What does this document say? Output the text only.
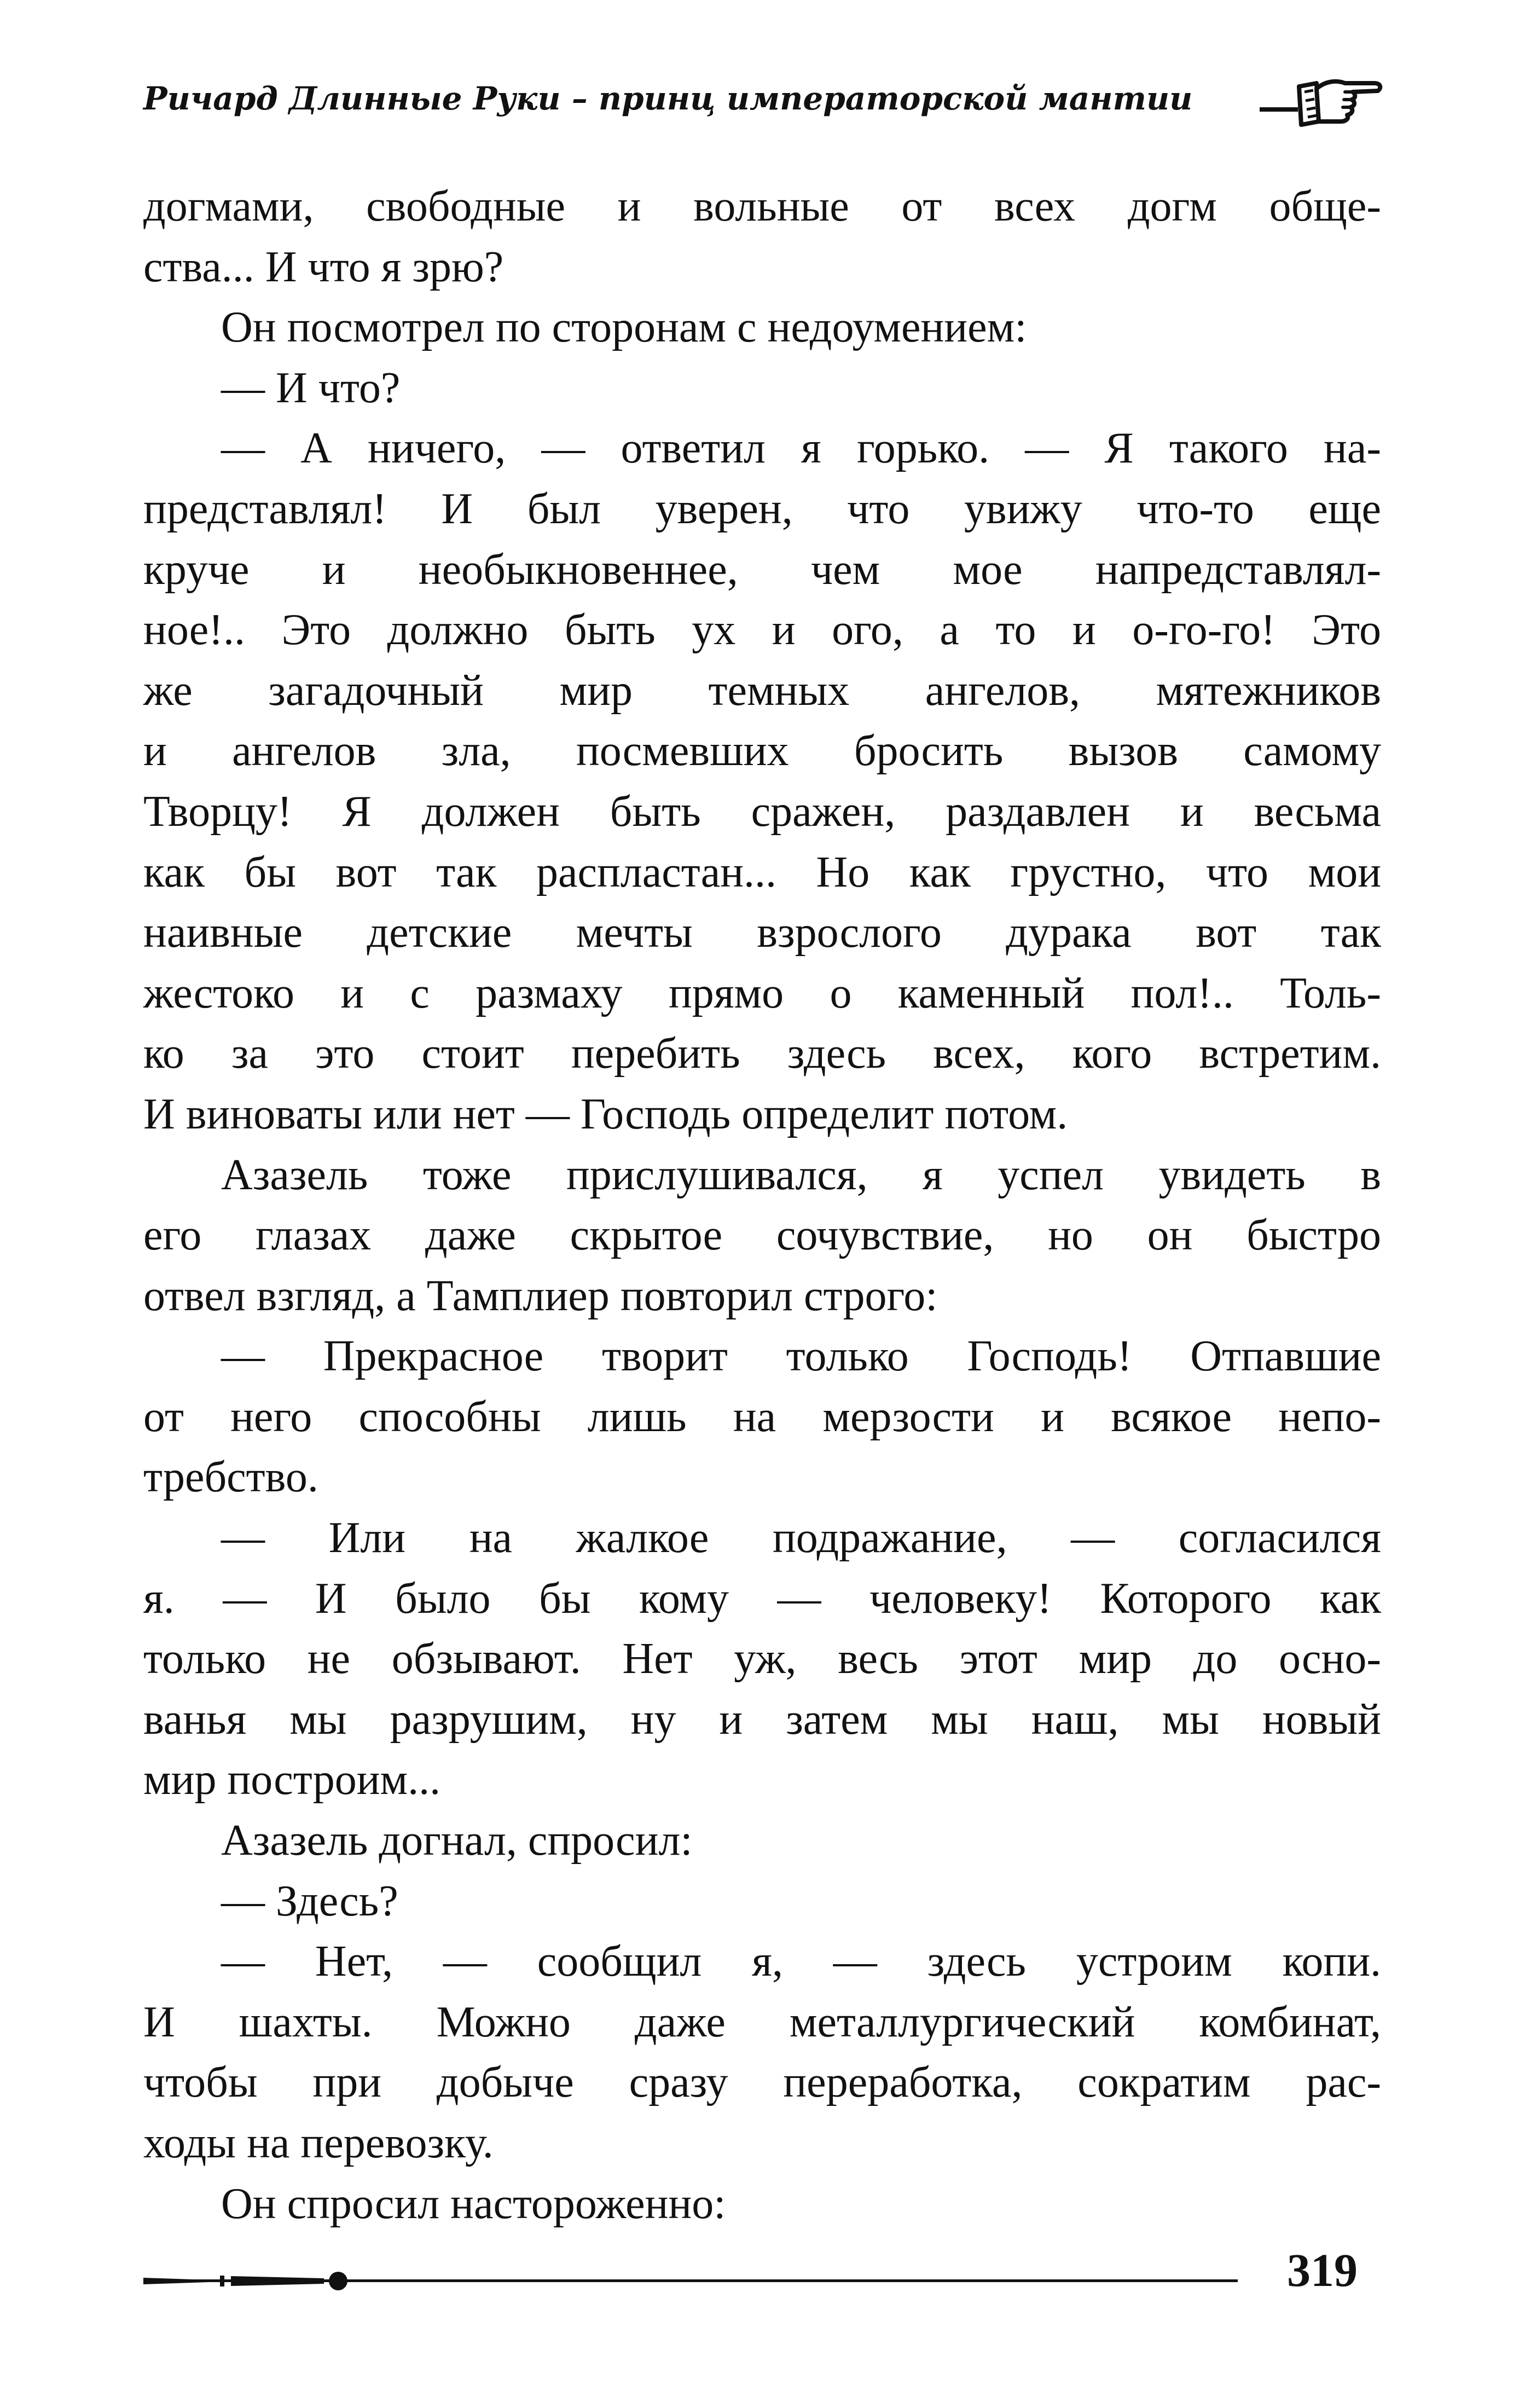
Ричард Длинные Руки – принц императорской мантии
догмами, свободные и вольные от всех догм обще-
ства... И что я зрю?
Он посмотрел по сторонам с недоумением:
— И что?
— А ничего, — ответил я горько. — Я такого на-
представлял! И был уверен, что увижу что-то еще
круче и необыкновеннее, чем мое напредставлял-
ное!.. Это должно быть ух и ого, а то и о-го-го! Это
же загадочный мир темных ангелов, мятежников
и ангелов зла, посмевших бросить вызов самому
Творцу! Я должен быть сражен, раздавлен и весьма
как бы вот так распластан... Но как грустно, что мои
наивные детские мечты взрослого дурака вот так
жестоко и с размаху прямо о каменный пол!.. Толь-
ко за это стоит перебить здесь всех, кого встретим.
И виноваты или нет — Господь определит потом.
Азазель тоже прислушивался, я успел увидеть в
его глазах даже скрытое сочувствие, но он быстро
отвел взгляд, а Тамплиер повторил строго:
— Прекрасное творит только Господь! Отпавшие
от него способны лишь на мерзости и всякое непо-
требство.
— Или на жалкое подражание, — согласился
я. — И было бы кому — человеку! Которого как
только не обзывают. Нет уж, весь этот мир до осно-
ванья мы разрушим, ну и затем мы наш, мы новый
мир построим...
Азазель догнал, спросил:
— Здесь?
— Нет, — сообщил я, — здесь устроим копи.
И шахты. Можно даже металлургический комбинат,
чтобы при добыче сразу переработка, сократим рас-
ходы на перевозку.
Он спросил настороженно:
319
